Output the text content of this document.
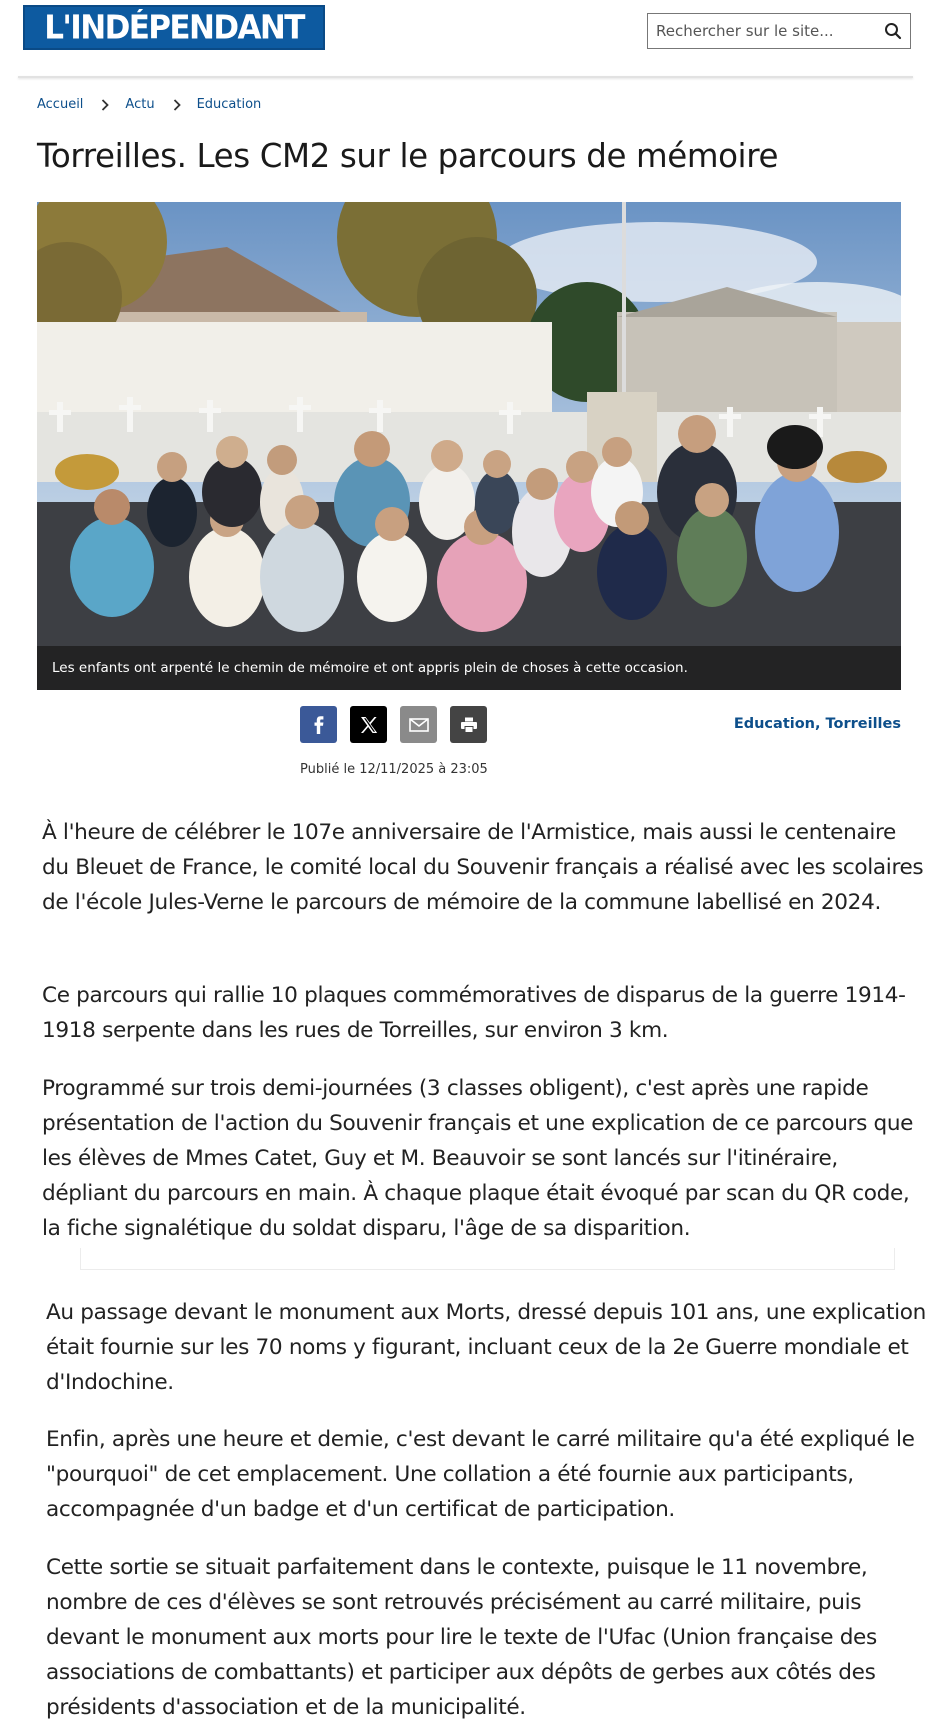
L'INDÉPENDANT
Rechercher sur le site...
Accueil	Actu	Education
Torreilles. Les CM2 sur le parcours de mémoire
Les enfants ont arpenté le chemin de mémoire et ont appris plein de choses à cette occasion.
Education, Torreilles
Publié le 12/11/2025 à 23:05

À l'heure de célébrer le 107e anniversaire de l'Armistice, mais aussi le centenaire du Bleuet de France, le comité local du Souvenir français a réalisé avec les scolaires de l'école Jules-Verne le parcours de mémoire de la commune labellisé en 2024.

Ce parcours qui rallie 10 plaques commémoratives de disparus de la guerre 1914-1918 serpente dans les rues de Torreilles, sur environ 3 km.

Programmé sur trois demi-journées (3 classes obligent), c'est après une rapide présentation de l'action du Souvenir français et une explication de ce parcours que les élèves de Mmes Catet, Guy et M. Beauvoir se sont lancés sur l'itinéraire, dépliant du parcours en main. À chaque plaque était évoqué par scan du QR code, la fiche signalétique du soldat disparu, l'âge de sa disparition.

Au passage devant le monument aux Morts, dressé depuis 101 ans, une explication était fournie sur les 70 noms y figurant, incluant ceux de la 2e Guerre mondiale et d'Indochine.

Enfin, après une heure et demie, c'est devant le carré militaire qu'a été expliqué le "pourquoi" de cet emplacement. Une collation a été fournie aux participants, accompagnée d'un badge et d'un certificat de participation.

Cette sortie se situait parfaitement dans le contexte, puisque le 11 novembre, nombre de ces d'élèves se sont retrouvés précisément au carré militaire, puis devant le monument aux morts pour lire le texte de l'Ufac (Union française des associations de combattants) et participer aux dépôts de gerbes aux côtés des présidents d'association et de la municipalité.
